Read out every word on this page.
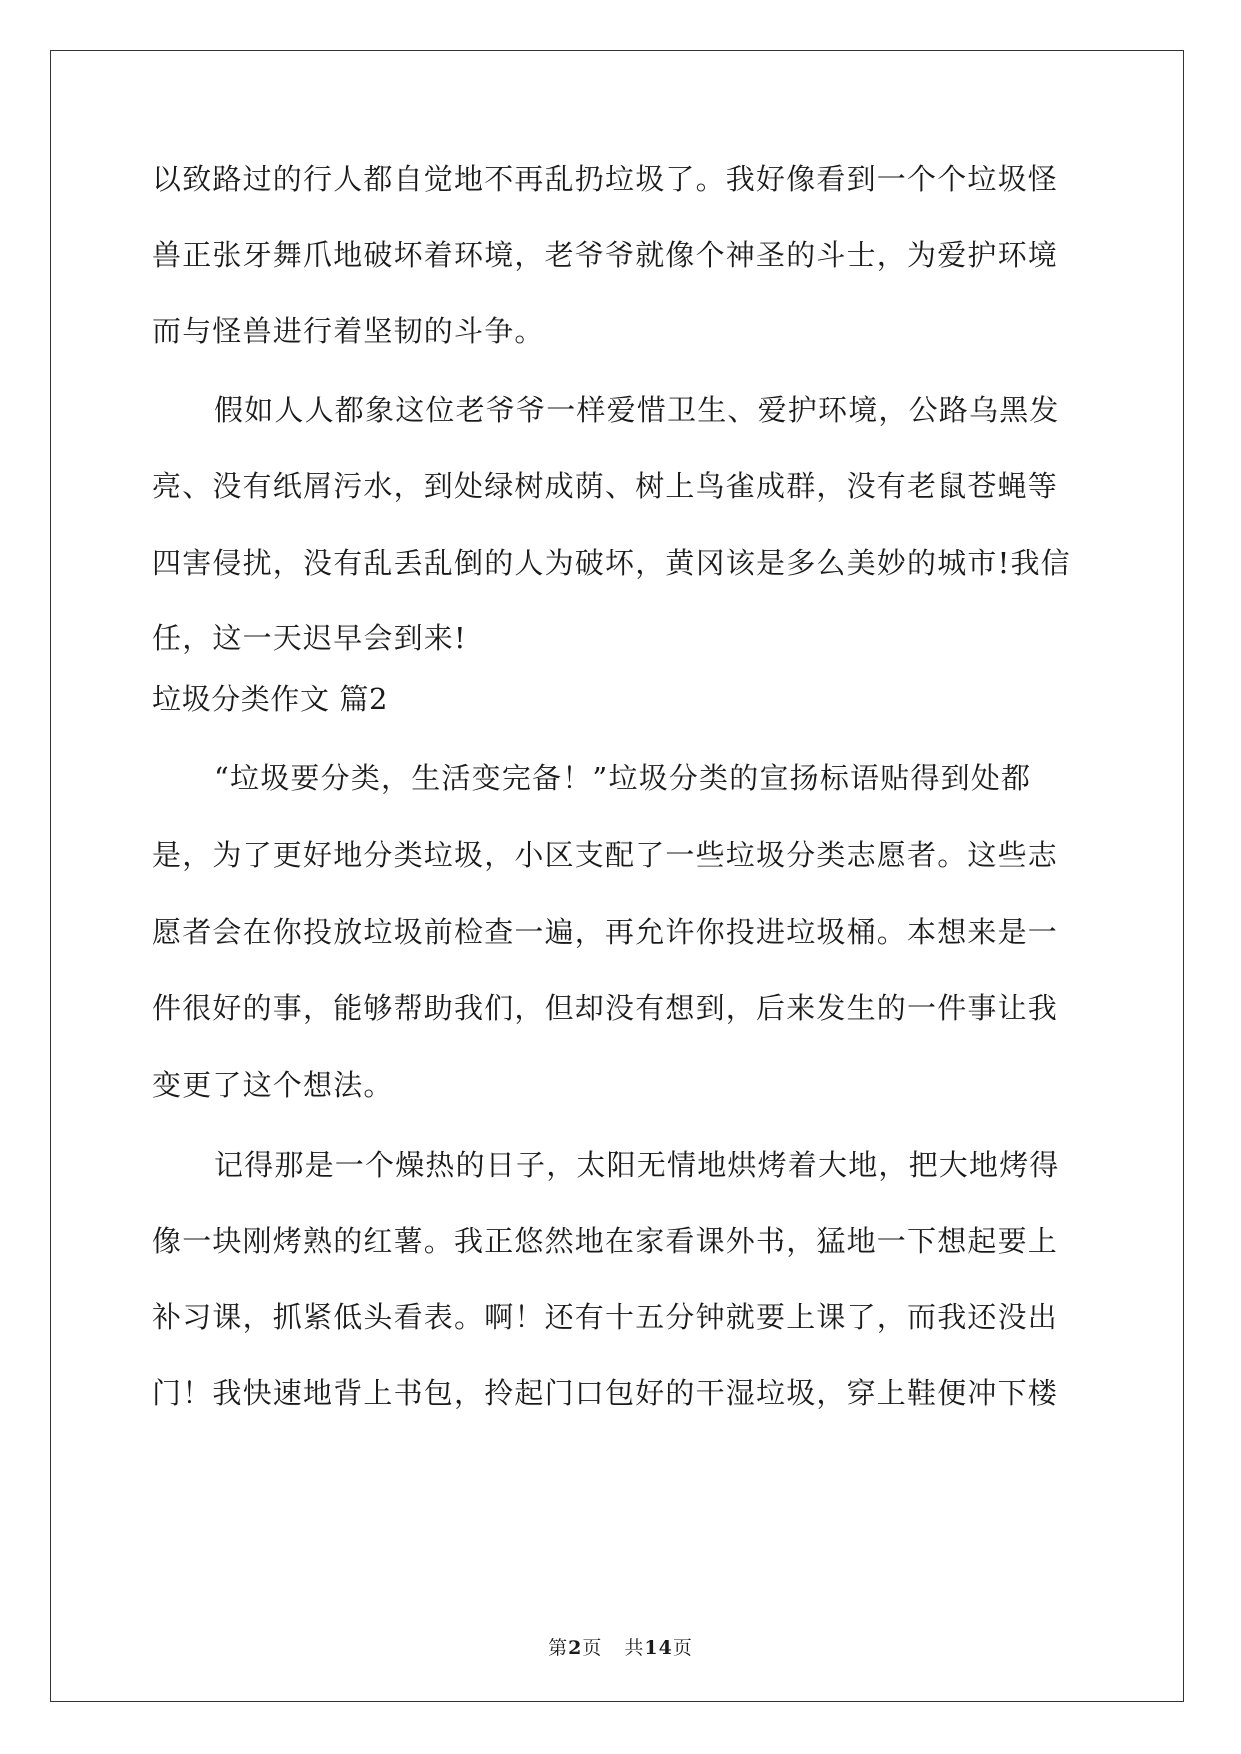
以致路过的行人都自觉地不再乱扔垃圾了。我好像看到一个个垃圾怪
兽正张牙舞爪地破坏着环境，老爷爷就像个神圣的斗士，为爱护环境
而与怪兽进行着坚韧的斗争。
假如人人都象这位老爷爷一样爱惜卫生、爱护环境，公路乌黑发
亮、没有纸屑污水，到处绿树成荫、树上鸟雀成群，没有老鼠苍蝇等
四害侵扰，没有乱丢乱倒的人为破坏，黄冈该是多么美妙的城市!我信
任，这一天迟早会到来!
垃圾分类作文 篇2
“垃圾要分类，生活变完备！”垃圾分类的宣扬标语贴得到处都
是，为了更好地分类垃圾，小区支配了一些垃圾分类志愿者。这些志
愿者会在你投放垃圾前检查一遍，再允许你投进垃圾桶。本想来是一
件很好的事，能够帮助我们，但却没有想到，后来发生的一件事让我
变更了这个想法。
记得那是一个燥热的日子，太阳无情地烘烤着大地，把大地烤得
像一块刚烤熟的红薯。我正悠然地在家看课外书，猛地一下想起要上
补习课，抓紧低头看表。啊！还有十五分钟就要上课了，而我还没出
门！我快速地背上书包，拎起门口包好的干湿垃圾，穿上鞋便冲下楼
第2页 共14页
